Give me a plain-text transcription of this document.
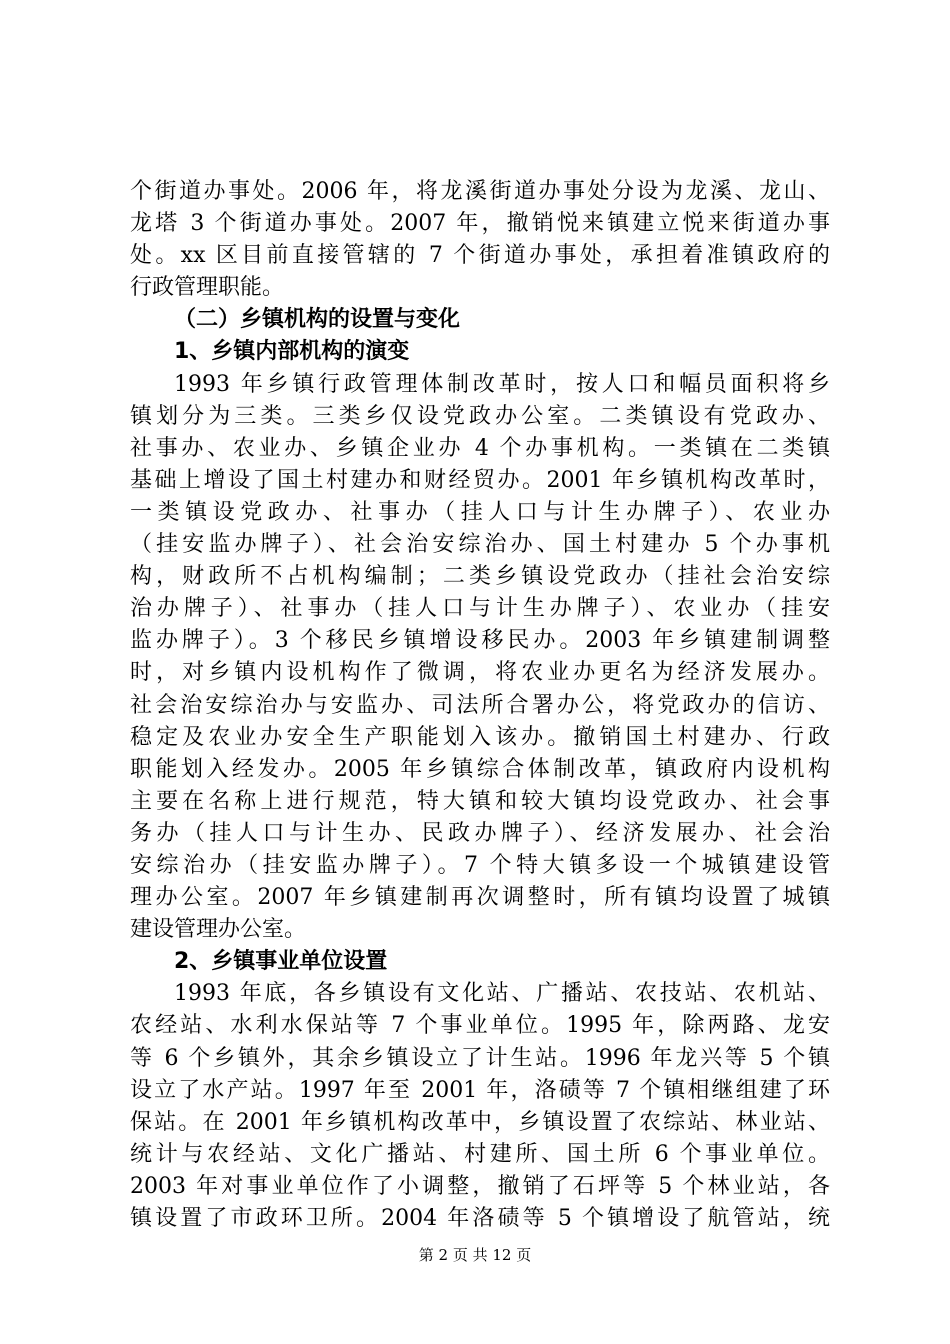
个街道办事处。2006 年，将龙溪街道办事处分设为龙溪、龙山、
龙塔 3 个街道办事处。2007 年，撤销悦来镇建立悦来街道办事
处。xx 区目前直接管辖的 7 个街道办事处，承担着准镇政府的
行政管理职能。
（二）乡镇机构的设置与变化
1、乡镇内部机构的演变
1993 年乡镇行政管理体制改革时，按人口和幅员面积将乡
镇划分为三类。三类乡仅设党政办公室。二类镇设有党政办、
社事办、农业办、乡镇企业办 4 个办事机构。一类镇在二类镇
基础上增设了国土村建办和财经贸办。2001 年乡镇机构改革时，
一类镇设党政办、社事办（挂人口与计生办牌子）、农业办
（挂安监办牌子）、社会治安综治办、国土村建办 5 个办事机
构，财政所不占机构编制；二类乡镇设党政办（挂社会治安综
治办牌子）、社事办（挂人口与计生办牌子）、农业办（挂安
监办牌子）。3 个移民乡镇增设移民办。2003 年乡镇建制调整
时，对乡镇内设机构作了微调，将农业办更名为经济发展办。
社会治安综治办与安监办、司法所合署办公，将党政办的信访、
稳定及农业办安全生产职能划入该办。撤销国土村建办、行政
职能划入经发办。2005 年乡镇综合体制改革，镇政府内设机构
主要在名称上进行规范，特大镇和较大镇均设党政办、社会事
务办（挂人口与计生办、民政办牌子）、经济发展办、社会治
安综治办（挂安监办牌子）。7 个特大镇多设一个城镇建设管
理办公室。2007 年乡镇建制再次调整时，所有镇均设置了城镇
建设管理办公室。
2、乡镇事业单位设置
1993 年底，各乡镇设有文化站、广播站、农技站、农机站、
农经站、水利水保站等 7 个事业单位。1995 年，除两路、龙安
等 6 个乡镇外，其余乡镇设立了计生站。1996 年龙兴等 5 个镇
设立了水产站。1997 年至 2001 年，洛碛等 7 个镇相继组建了环
保站。在 2001 年乡镇机构改革中，乡镇设置了农综站、林业站、
统计与农经站、文化广播站、村建所、国土所 6 个事业单位。
2003 年对事业单位作了小调整，撤销了石坪等 5 个林业站，各
镇设置了市政环卫所。2004 年洛碛等 5 个镇增设了航管站，统
第 2 页 共 12 页
